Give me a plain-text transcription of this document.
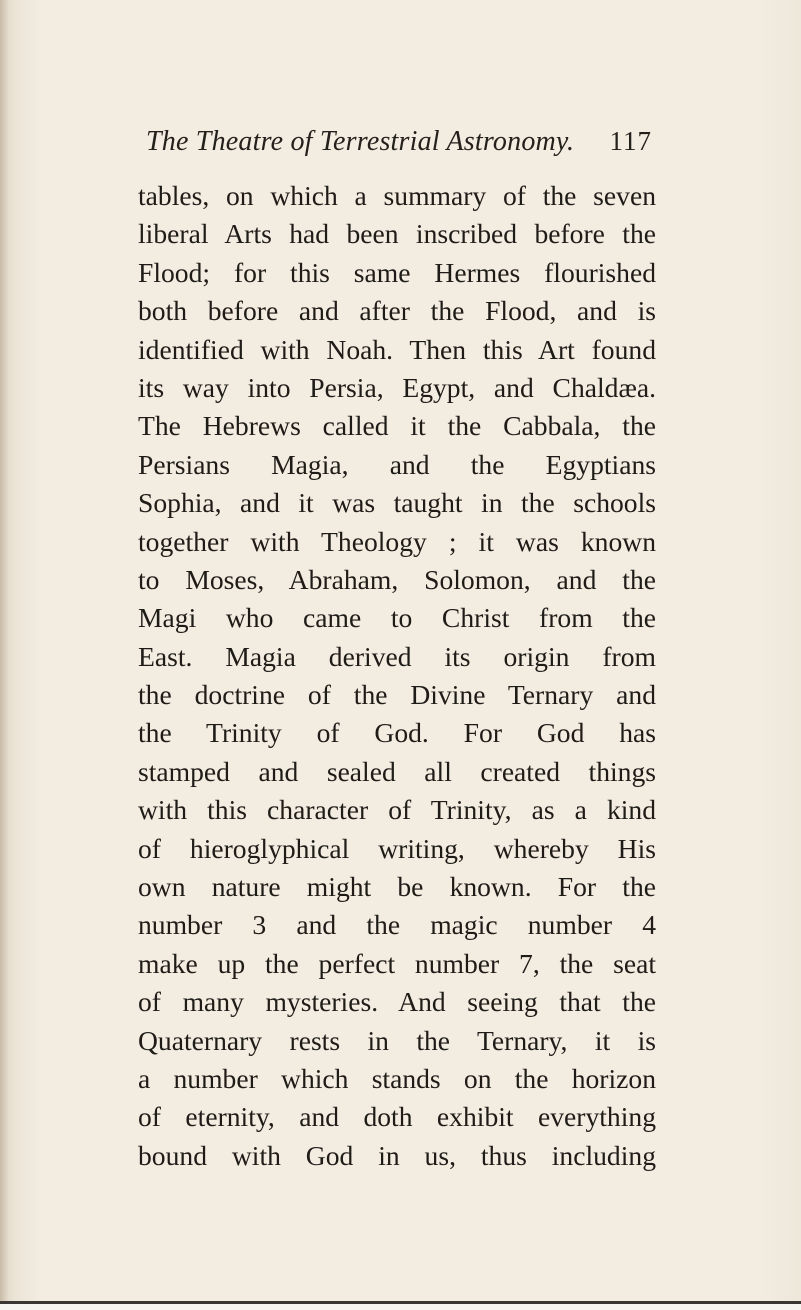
The Theatre of Terrestrial Astronomy. 117
tables, on which a summary of the seven
liberal Arts had been inscribed before the
Flood; for this same Hermes flourished
both before and after the Flood, and is
identified with Noah. Then this Art found
its way into Persia, Egypt, and Chaldæa.
The Hebrews called it the Cabbala, the
Persians Magia, and the Egyptians
Sophia, and it was taught in the schools
together with Theology ; it was known
to Moses, Abraham, Solomon, and the
Magi who came to Christ from the
East. Magia derived its origin from
the doctrine of the Divine Ternary and
the Trinity of God. For God has
stamped and sealed all created things
with this character of Trinity, as a kind
of hieroglyphical writing, whereby His
own nature might be known. For the
number 3 and the magic number 4
make up the perfect number 7, the seat
of many mysteries. And seeing that the
Quaternary rests in the Ternary, it is
a number which stands on the horizon
of eternity, and doth exhibit everything
bound with God in us, thus including
